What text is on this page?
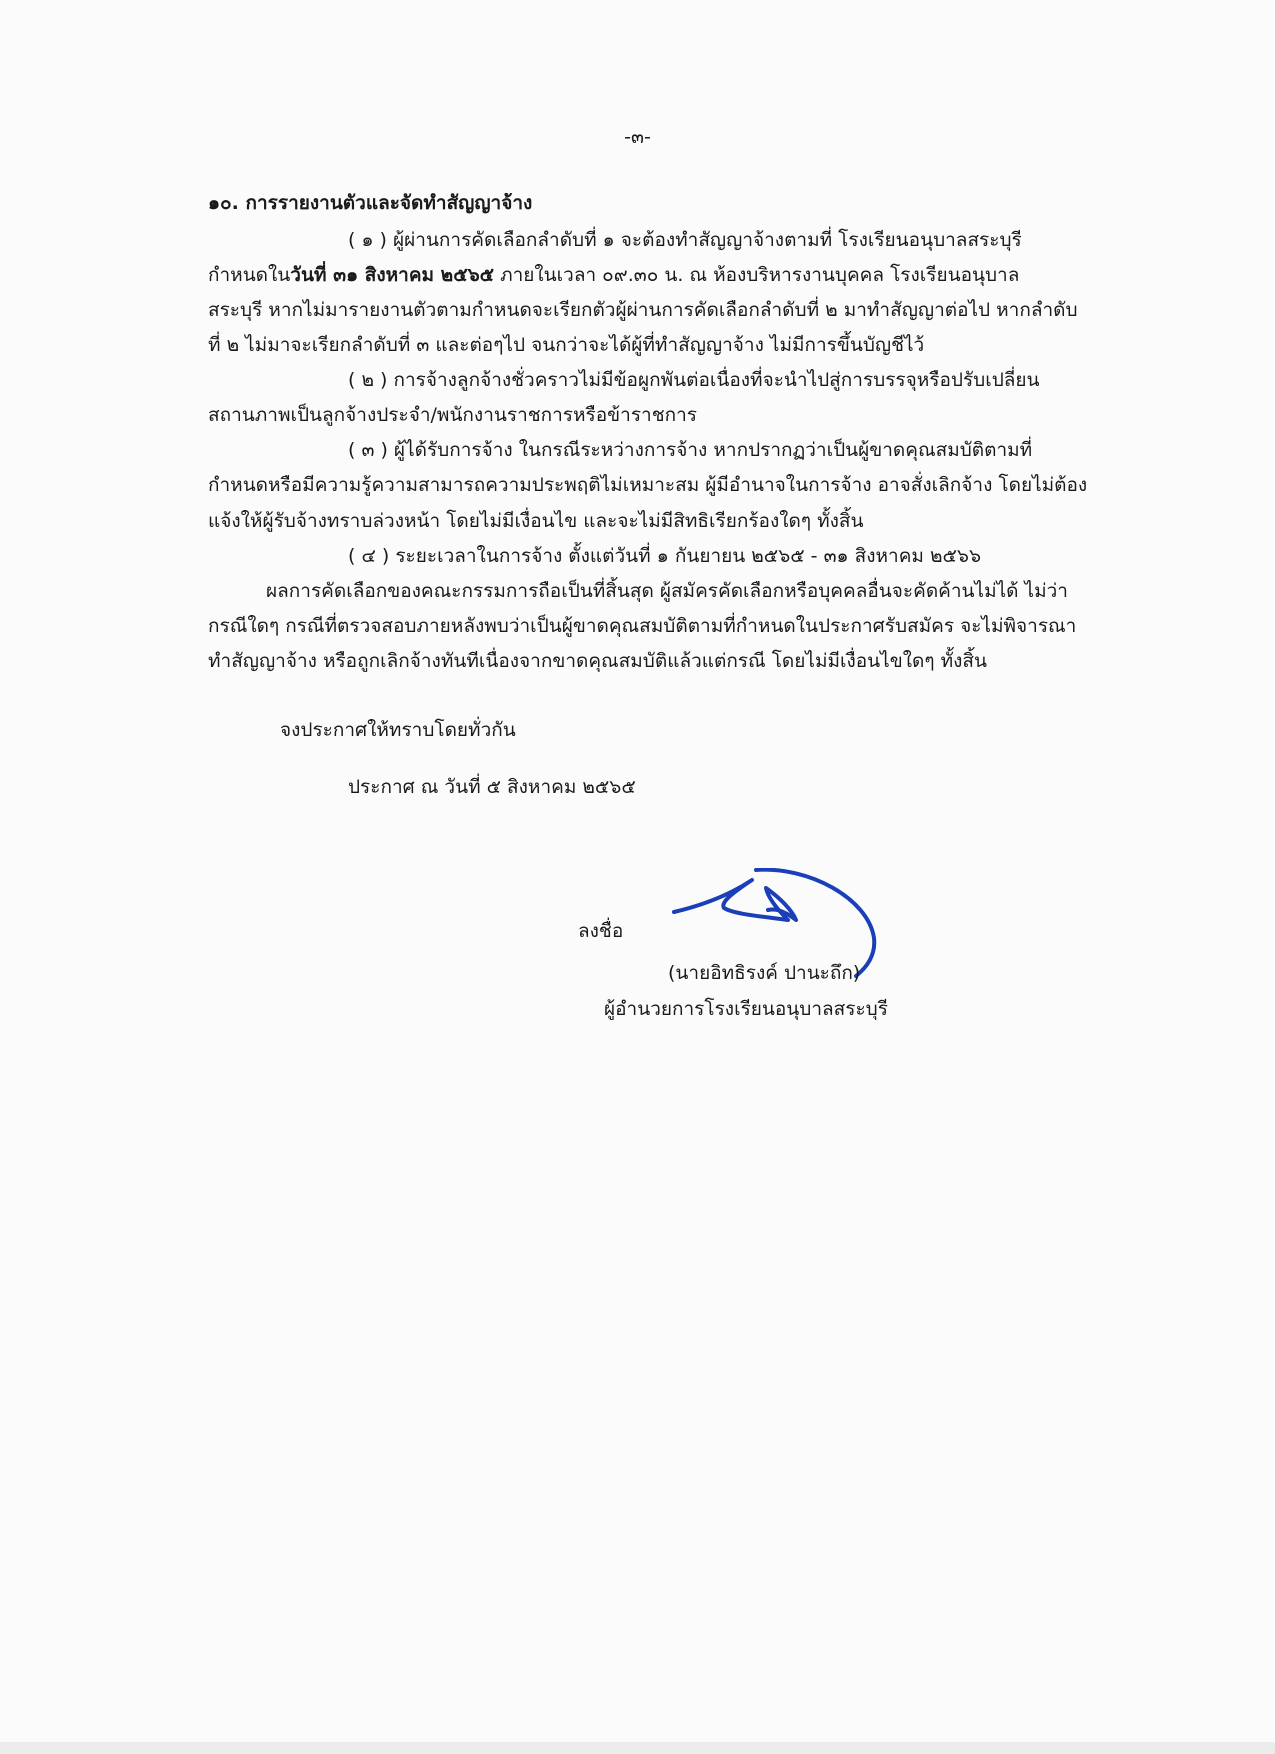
-๓-
๑๐. การรายงานตัวและจัดทำสัญญาจ้าง
( ๑ ) ผู้ผ่านการคัดเลือกลำดับที่ ๑ จะต้องทำสัญญาจ้างตามที่ โรงเรียนอนุบาลสระบุรี
กำหนดในวันที่ ๓๑ สิงหาคม ๒๕๖๕ ภายในเวลา ๐๙.๓๐ น. ณ ห้องบริหารงานบุคคล โรงเรียนอนุบาล
สระบุรี หากไม่มารายงานตัวตามกำหนดจะเรียกตัวผู้ผ่านการคัดเลือกลำดับที่ ๒ มาทำสัญญาต่อไป หากลำดับ
ที่ ๒ ไม่มาจะเรียกลำดับที่ ๓ และต่อๆไป จนกว่าจะได้ผู้ที่ทำสัญญาจ้าง ไม่มีการขึ้นบัญชีไว้
( ๒ ) การจ้างลูกจ้างชั่วคราวไม่มีข้อผูกพันต่อเนื่องที่จะนำไปสู่การบรรจุหรือปรับเปลี่ยน
สถานภาพเป็นลูกจ้างประจำ/พนักงานราชการหรือข้าราชการ
( ๓ ) ผู้ได้รับการจ้าง ในกรณีระหว่างการจ้าง หากปรากฏว่าเป็นผู้ขาดคุณสมบัติตามที่
กำหนดหรือมีความรู้ความสามารถความประพฤติไม่เหมาะสม ผู้มีอำนาจในการจ้าง อาจสั่งเลิกจ้าง โดยไม่ต้อง
แจ้งให้ผู้รับจ้างทราบล่วงหน้า โดยไม่มีเงื่อนไข และจะไม่มีสิทธิเรียกร้องใดๆ ทั้งสิ้น
( ๔ ) ระยะเวลาในการจ้าง ตั้งแต่วันที่ ๑ กันยายน ๒๕๖๕ - ๓๑ สิงหาคม ๒๕๖๖
ผลการคัดเลือกของคณะกรรมการถือเป็นที่สิ้นสุด ผู้สมัครคัดเลือกหรือบุคคลอื่นจะคัดค้านไม่ได้ ไม่ว่า
กรณีใดๆ กรณีที่ตรวจสอบภายหลังพบว่าเป็นผู้ขาดคุณสมบัติตามที่กำหนดในประกาศรับสมัคร จะไม่พิจารณา
ทำสัญญาจ้าง หรือถูกเลิกจ้างทันทีเนื่องจากขาดคุณสมบัติแล้วแต่กรณี โดยไม่มีเงื่อนไขใดๆ ทั้งสิ้น
จงประกาศให้ทราบโดยทั่วกัน
ประกาศ ณ วันที่ ๕ สิงหาคม ๒๕๖๕
ลงชื่อ
(นายอิทธิรงค์ ปานะถึก)
ผู้อำนวยการโรงเรียนอนุบาลสระบุรี
